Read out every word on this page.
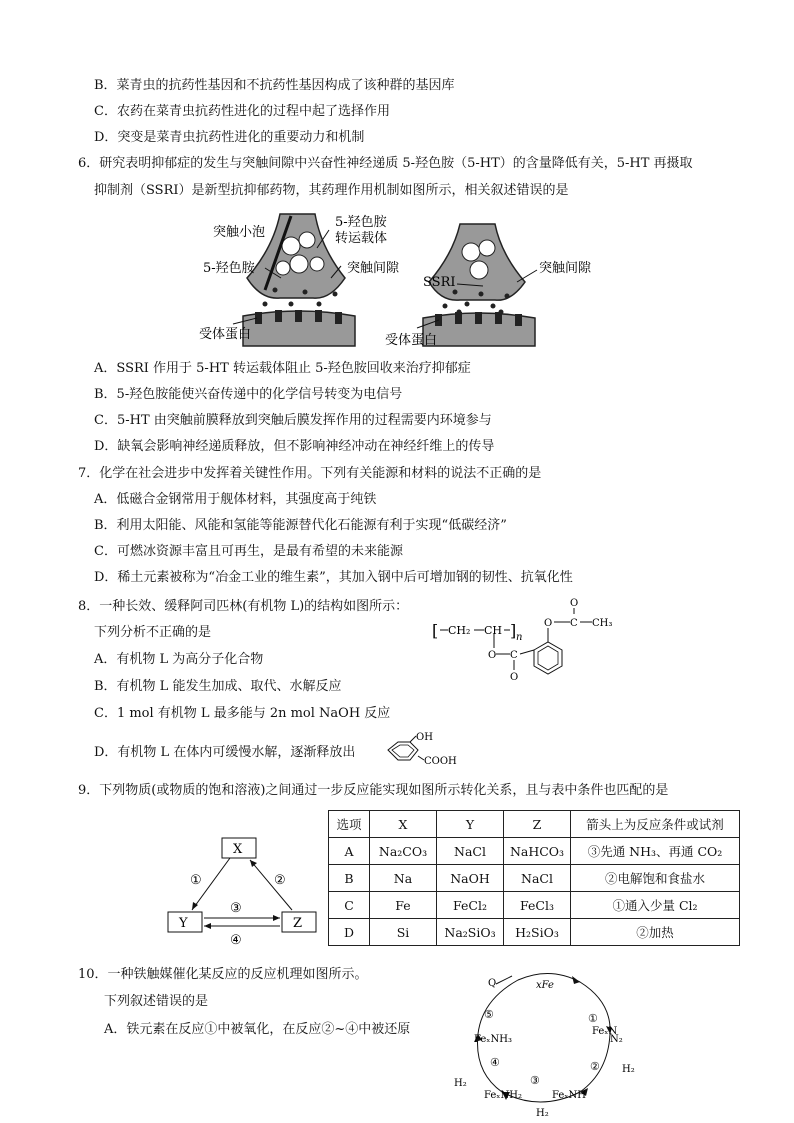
B．菜青虫的抗药性基因和不抗药性基因构成了该种群的基因库
C．农药在菜青虫抗药性进化的过程中起了选择作用
D．突变是菜青虫抗药性进化的重要动力和机制
6．研究表明抑郁症的发生与突触间隙中兴奋性神经递质 5-羟色胺（5-HT）的含量降低有关，5-HT 再摄取
抑制剂（SSRI）是新型抗抑郁药物，其药理作用机制如图所示，相关叙述错误的是
突触小泡
5-羟色胺
转运载体
5-羟色胺	突触间隙
受体蛋白
SSRI
突触间隙
受体蛋白
A．SSRI 作用于 5-HT 转运载体阻止 5-羟色胺回收来治疗抑郁症
B．5-羟色胺能使兴奋传递中的化学信号转变为电信号
C．5-HT 由突触前膜释放到突触后膜发挥作用的过程需要内环境参与
D．缺氧会影响神经递质释放，但不影响神经冲动在神经纤维上的传导
7．化学在社会进步中发挥着关键性作用。下列有关能源和材料的说法不正确的是
A．低磁合金钢常用于舰体材料，其强度高于纯铁
B．利用太阳能、风能和氢能等能源替代化石能源有利于实现“低碳经济”
C．可燃冰资源丰富且可再生，是最有希望的未来能源
D．稀土元素被称为“冶金工业的维生素”，其加入钢中后可增加钢的韧性、抗氧化性
8．一种长效、缓释阿司匹林(有机物 L)的结构如图所示：
下列分析不正确的是	[ CH₂ CH ] n
O C
O
O C
O
CH₃
A．有机物 L 为高分子化合物
B．有机物 L 能发生加成、取代、水解反应
C．1 mol 有机物 L 最多能与 2n mol NaOH 反应
D．有机物 L 在体内可缓慢水解，逐渐释放出
OH
COOH
9．下列物质(或物质的饱和溶液)之间通过一步反应能实现如图所示转化关系，且与表中条件也匹配的是
X
Y	Z
①	②
③
④
选项	X	Y	Z	箭头上为反应条件或试剂
A	Na₂CO₃	NaCl	NaHCO₃	③先通 NH₃、再通 CO₂
B	Na	NaOH	NaCl	②电解饱和食盐水
C	Fe	FeCl₂	FeCl₃	①通入少量 Cl₂
D	Si	Na₂SiO₃	H₂SiO₃	②加热
10．一种铁触媒催化某反应的反应机理如图所示。
下列叙述错误的是
A．铁元素在反应①中被氧化，在反应②~④中被还原
xFe
Q
N₂
FeₓN
FeₓNH₃
FeₓNH₂	FeₓNH
H₂
H₂
H₂
①
②
③
④
⑤
